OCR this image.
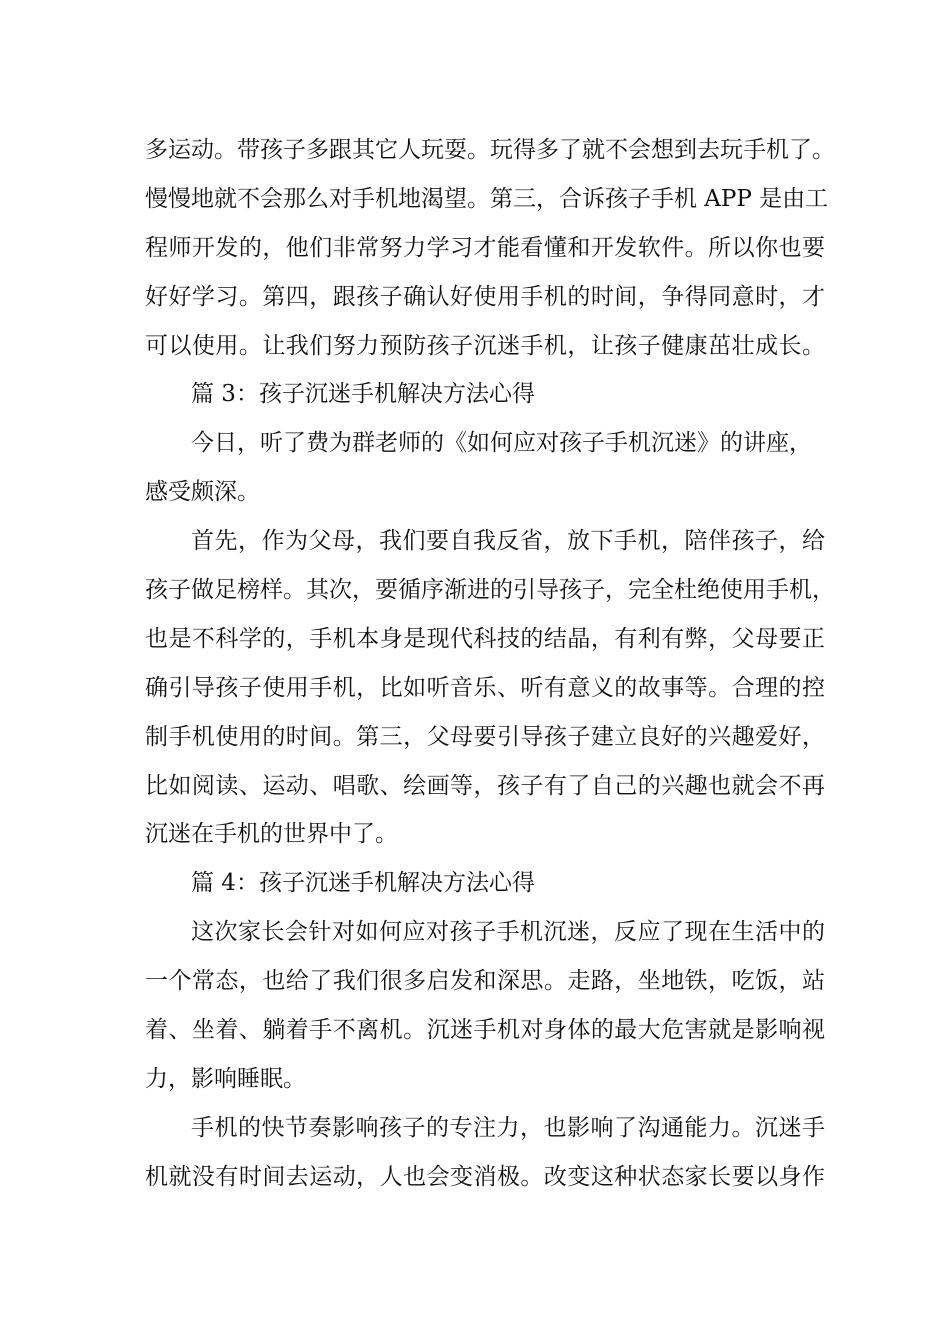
多运动。带孩子多跟其它人玩耍。玩得多了就不会想到去玩手机了。
慢慢地就不会那么对手机地渴望。第三，合诉孩子手机 APP 是由工
程师开发的，他们非常努力学习才能看懂和开发软件。所以你也要
好好学习。第四，跟孩子确认好使用手机的时间，争得同意时，才
可以使用。让我们努力预防孩子沉迷手机，让孩子健康茁壮成长。
篇 3：孩子沉迷手机解决方法心得
今日，听了费为群老师的《如何应对孩子手机沉迷》的讲座，
感受颇深。
首先，作为父母，我们要自我反省，放下手机，陪伴孩子，给
孩子做足榜样。其次，要循序渐进的引导孩子，完全杜绝使用手机，
也是不科学的，手机本身是现代科技的结晶，有利有弊，父母要正
确引导孩子使用手机，比如听音乐、听有意义的故事等。合理的控
制手机使用的时间。第三，父母要引导孩子建立良好的兴趣爱好，
比如阅读、运动、唱歌、绘画等，孩子有了自己的兴趣也就会不再
沉迷在手机的世界中了。
篇 4：孩子沉迷手机解决方法心得
这次家长会针对如何应对孩子手机沉迷，反应了现在生活中的
一个常态，也给了我们很多启发和深思。走路，坐地铁，吃饭，站
着、坐着、躺着手不离机。沉迷手机对身体的最大危害就是影响视
力，影响睡眠。
手机的快节奏影响孩子的专注力，也影响了沟通能力。沉迷手
机就没有时间去运动，人也会变消极。改变这种状态家长要以身作
